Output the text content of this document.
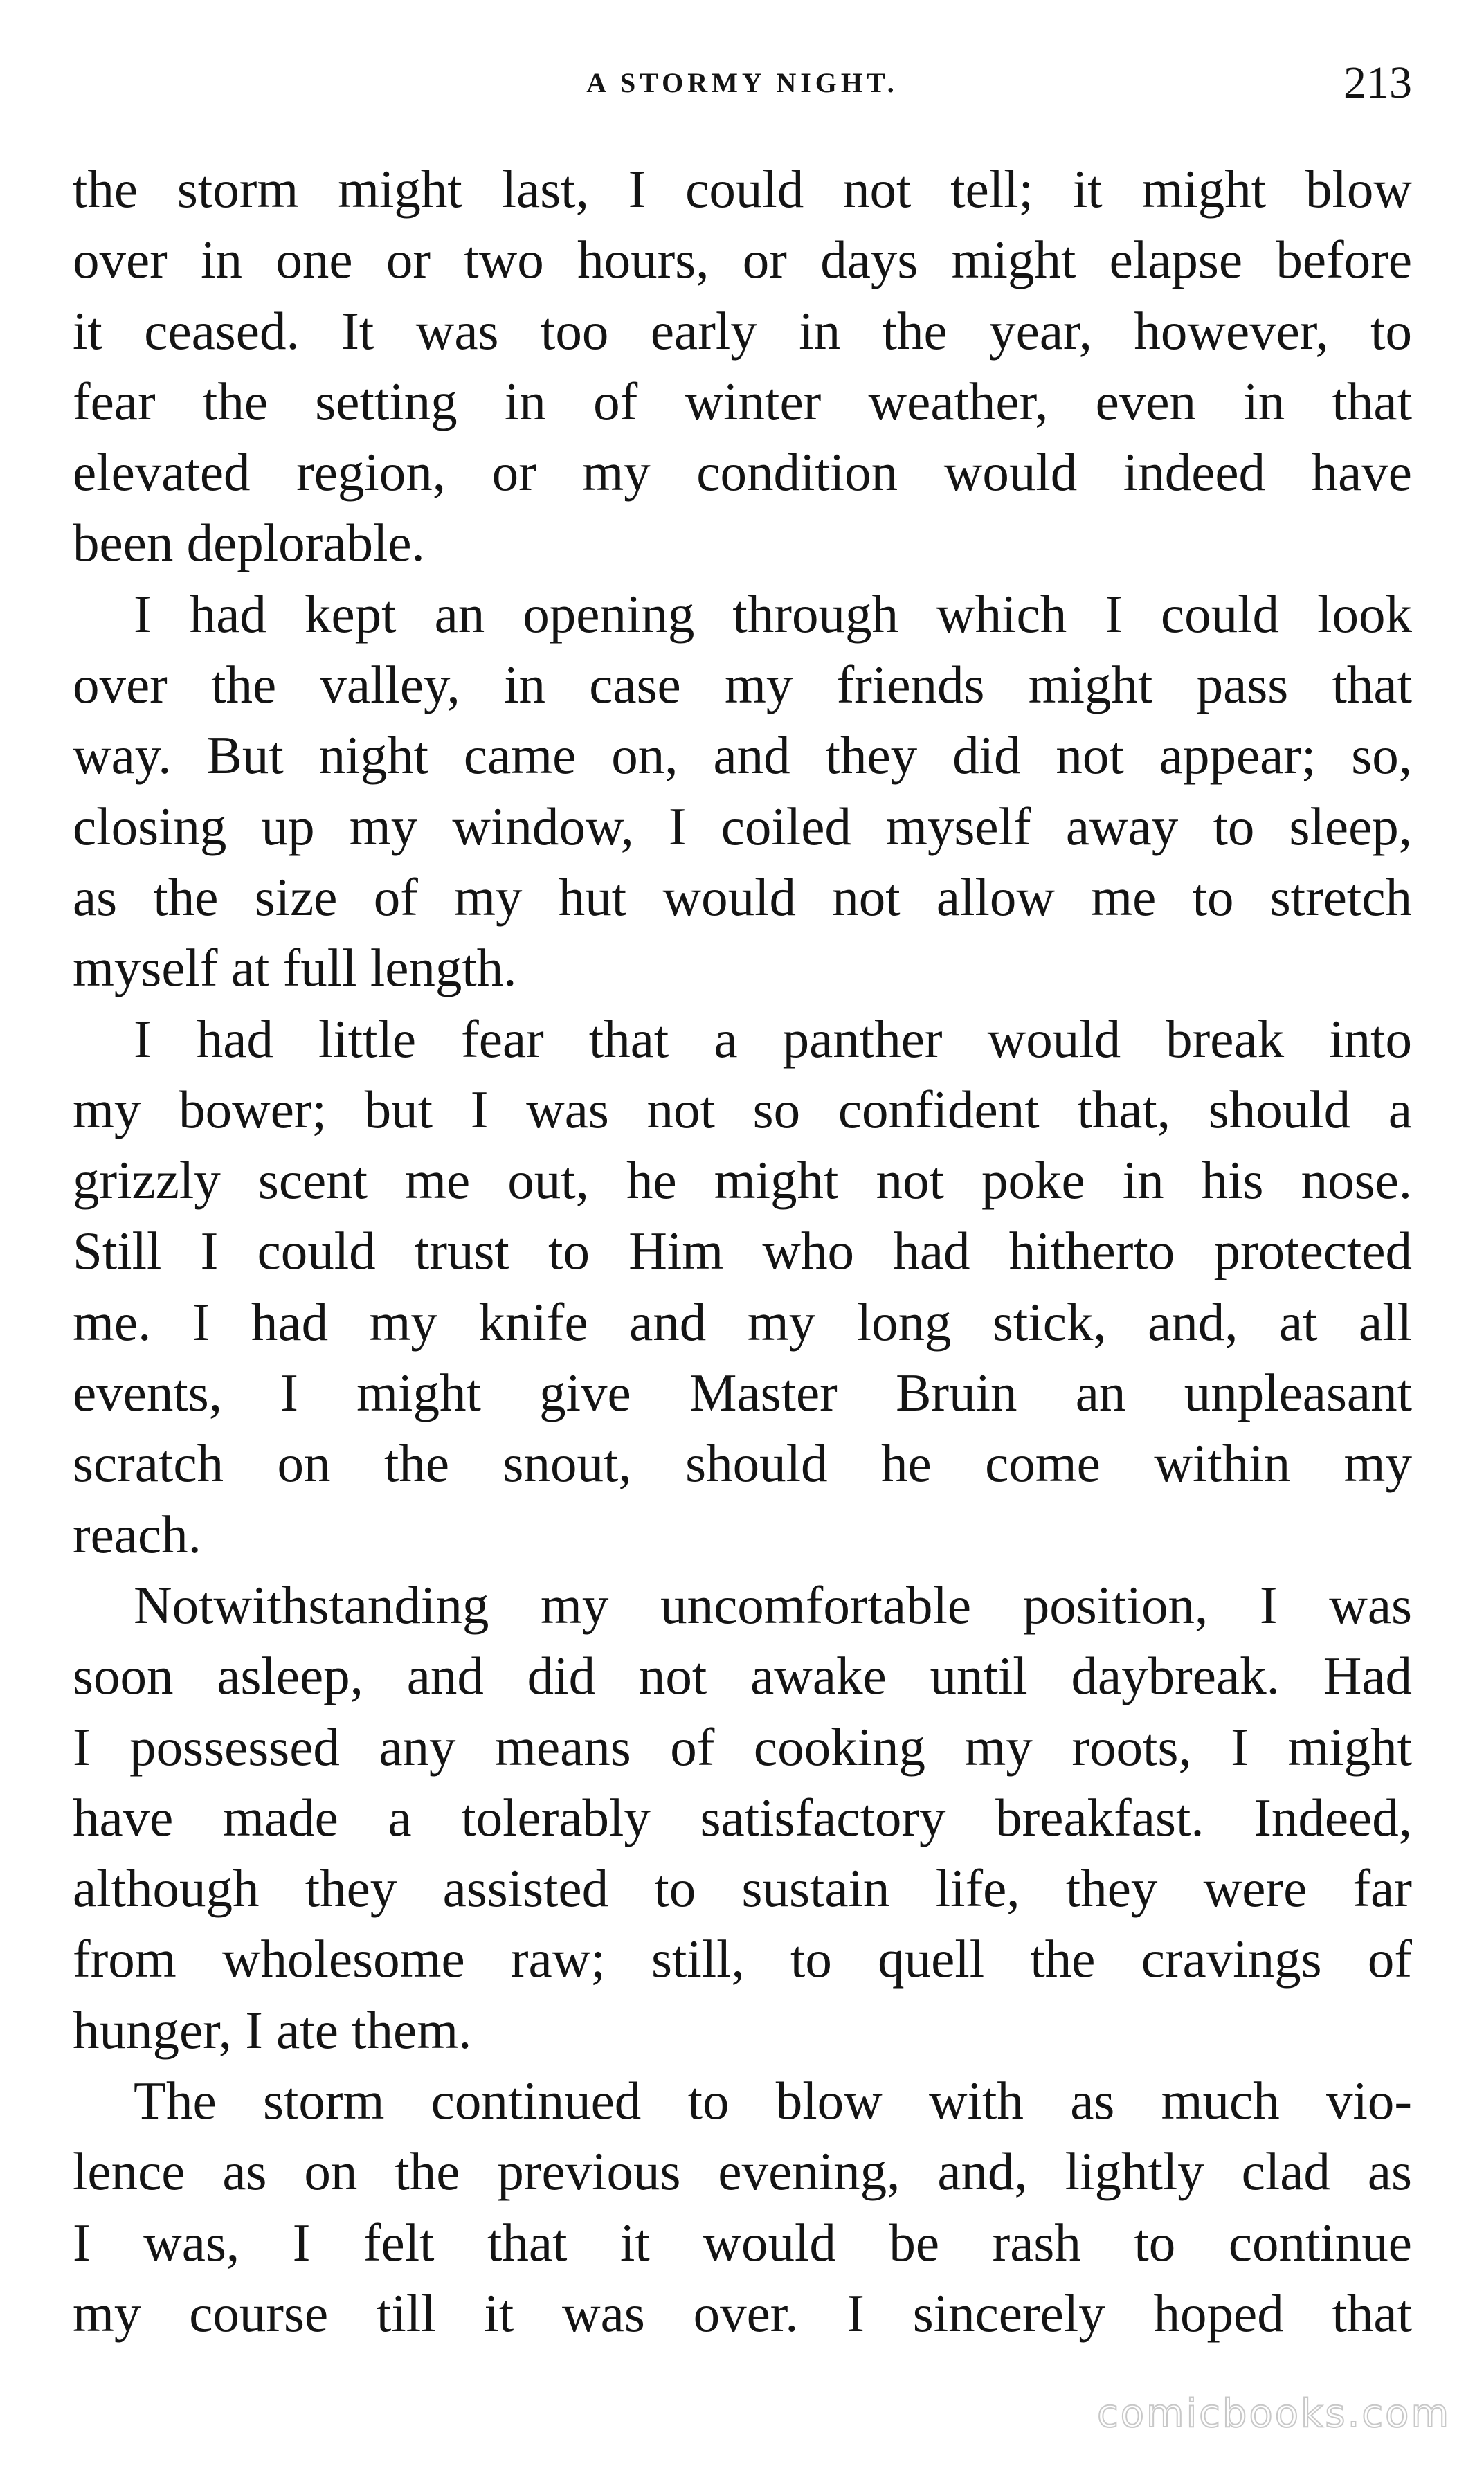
A STORMY NIGHT.	213
the storm might last, I could not tell; it might blow
over in one or two hours, or days might elapse before
it ceased. It was too early in the year, however, to
fear the setting in of winter weather, even in that
elevated region, or my condition would indeed have
been deplorable.
I had kept an opening through which I could look
over the valley, in case my friends might pass that
way. But night came on, and they did not appear; so,
closing up my window, I coiled myself away to sleep,
as the size of my hut would not allow me to stretch
myself at full length.
I had little fear that a panther would break into
my bower; but I was not so confident that, should a
grizzly scent me out, he might not poke in his nose.
Still I could trust to Him who had hitherto protected
me. I had my knife and my long stick, and, at all
events, I might give Master Bruin an unpleasant
scratch on the snout, should he come within my
reach.
Notwithstanding my uncomfortable position, I was
soon asleep, and did not awake until daybreak. Had
I possessed any means of cooking my roots, I might
have made a tolerably satisfactory breakfast. Indeed,
although they assisted to sustain life, they were far
from wholesome raw; still, to quell the cravings of
hunger, I ate them.
The storm continued to blow with as much vio-
lence as on the previous evening, and, lightly clad as
I was, I felt that it would be rash to continue
my course till it was over. I sincerely hoped that
comicbooks.com
